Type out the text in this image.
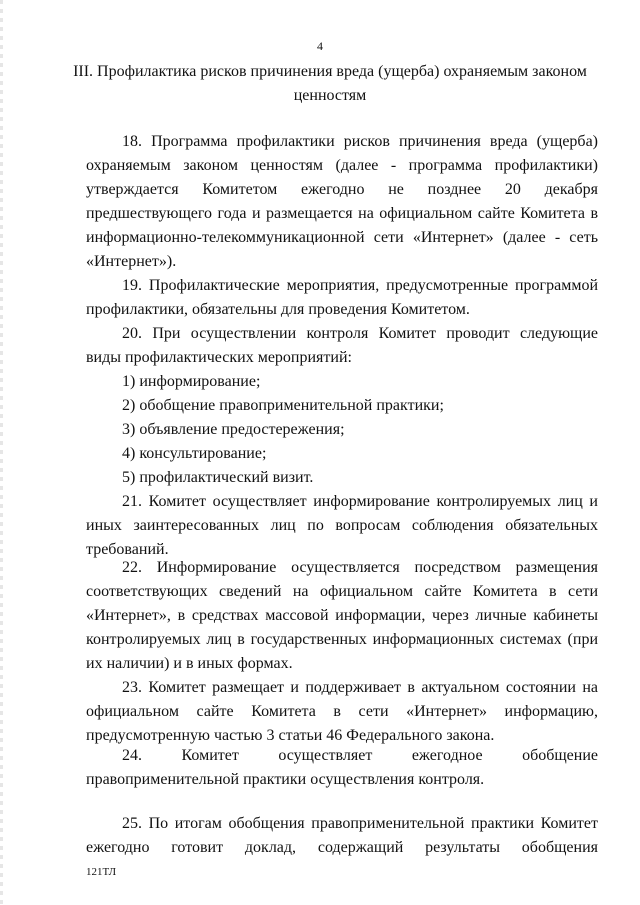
4
III. Профилактика рисков причинения вреда (ущерба) охраняемым законом ценностям

18. Программа профилактики рисков причинения вреда (ущерба) охраняемым законом ценностям (далее - программа профилактики) утверждается Комитетом ежегодно не позднее 20 декабря предшествующего года и размещается на официальном сайте Комитета в информационно-телекоммуникационной сети «Интернет» (далее - сеть «Интернет»).

19. Профилактические мероприятия, предусмотренные программой профилактики, обязательны для проведения Комитетом.

20. При осуществлении контроля Комитет проводит следующие виды профилактических мероприятий:

1) информирование;
2) обобщение правоприменительной практики;
3) объявление предостережения;
4) консультирование;
5) профилактический визит.

21. Комитет осуществляет информирование контролируемых лиц и иных заинтересованных лиц по вопросам соблюдения обязательных требований.

22. Информирование осуществляется посредством размещения соответствующих сведений на официальном сайте Комитета в сети «Интернет», в средствах массовой информации, через личные кабинеты контролируемых лиц в государственных информационных системах (при их наличии) и в иных формах.

23. Комитет размещает и поддерживает в актуальном состоянии на официальном сайте Комитета в сети «Интернет» информацию, предусмотренную частью 3 статьи 46 Федерального закона.

24. Комитет осуществляет ежегодное обобщение
правоприменительной практики осуществления контроля.
25. По итогам обобщения правоприменительной практики Комитет
ежегодно готовит доклад, содержащий результаты обобщения
121ТЛ
